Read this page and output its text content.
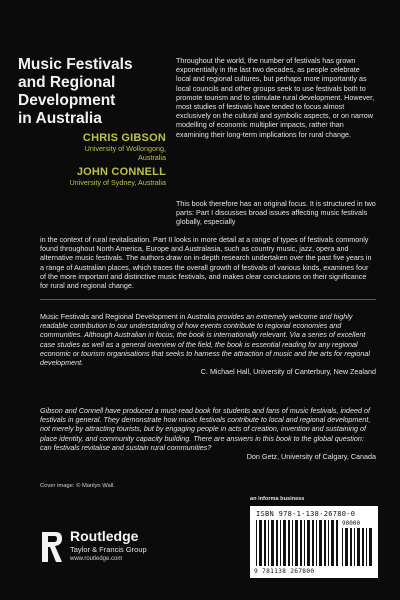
Music Festivals
and Regional
Development
in Australia
CHRIS GIBSON
University of Wollongong,
Australia
JOHN CONNELL
University of Sydney, Australia

Throughout the world, the number of festivals has grown exponentially in the last two decades, as people celebrate local and regional cultures, but perhaps more importantly as local councils and other groups seek to use festivals both to promote tourism and to stimulate rural development. However, most studies of festivals have tended to focus almost exclusively on the cultural and symbolic aspects, or on narrow modelling of economic multiplier impacts, rather than examining their long-term implications for rural change.

This book therefore has an original focus. It is structured in two parts: Part I discusses broad issues affecting music festivals globally, especially

in the context of rural revitalisation. Part II looks in more detail at a range of types of festivals commonly found throughout North America, Europe and Australasia, such as country music, jazz, opera and alternative music festivals. The authors draw on in-depth research undertaken over the past five years in a range of Australian places, which traces the overall growth of festivals of various kinds, examines four of the more important and distinctive music festivals, and makes clear conclusions on their significance for rural and regional change.

Music Festivals and Regional Development in Australia provides an extremely welcome and highly readable contribution to our understanding of how events contribute to regional economies and communities. Although Australian in focus, the book is internationally relevant. Via a series of excellent case studies as well as a general overview of the field, the book is essential reading for any regional economic or tourism organisations that seeks to harness the attraction of music and the arts for regional development.
C. Michael Hall, University of Canterbury, New Zealand

Gibson and Connell have produced a must-read book for students and fans of music festivals, indeed of festivals in general. They demonstrate how music festivals contribute to local and regional development, not merely by attracting tourists, but by engaging people in acts of creation, invention and sustaining of place identity, and community capacity building. There are answers in this book to the global question: can festivals revitalise and sustain rural communities?
Don Getz, University of Calgary, Canada

Cover image: © Marilyn Wall.
Routledge
Taylor & Francis Group
www.routledge.com
an informa business
ISBN 978-1-138-26780-0
90000
9 781138 267800
